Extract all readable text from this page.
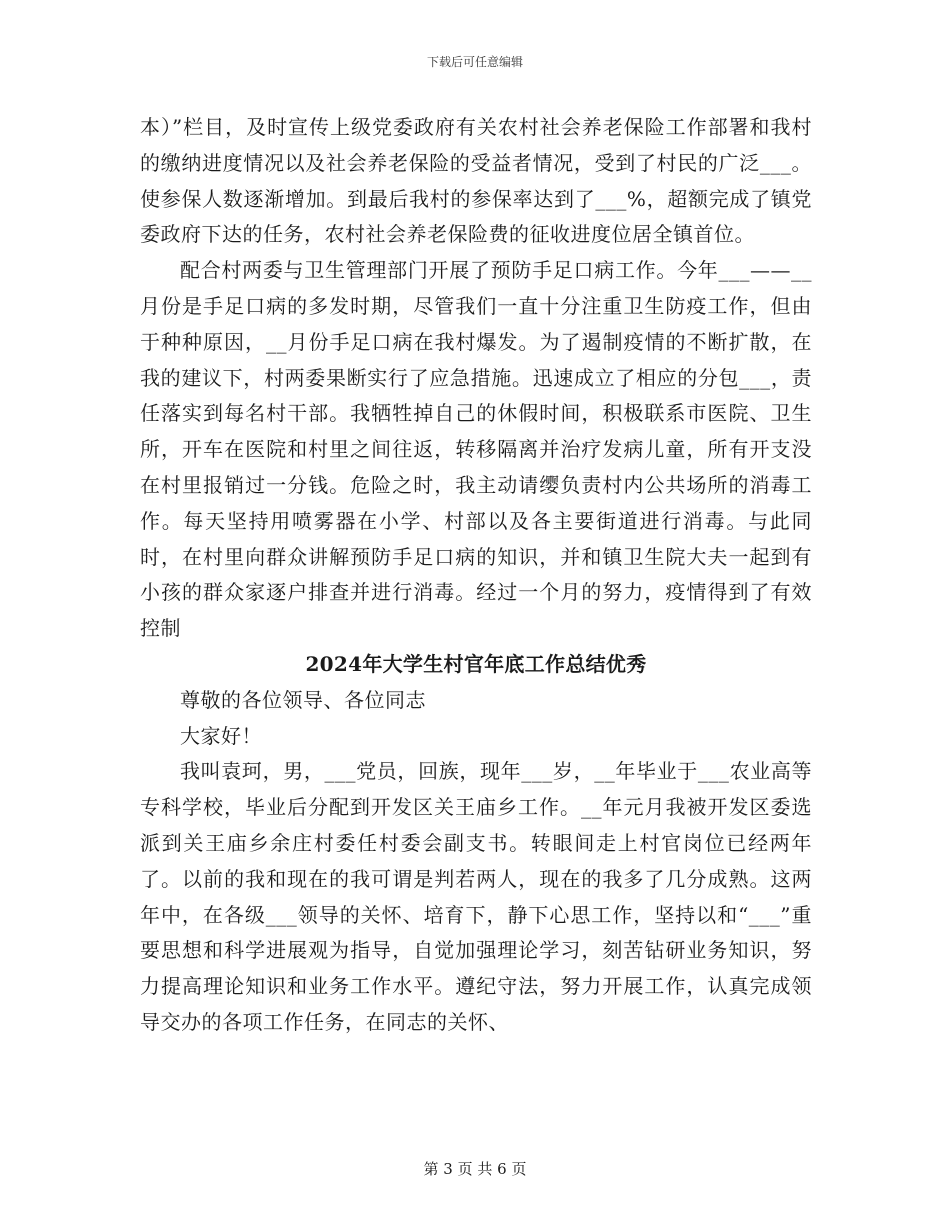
下载后可任意编辑

本）”栏目，及时宣传上级党委政府有关农村社会养老保险工作部署和我村的缴纳进度情况以及社会养老保险的受益者情况，受到了村民的广泛___。使参保人数逐渐增加。到最后我村的参保率达到了___%，超额完成了镇党委政府下达的任务，农村社会养老保险费的征收进度位居全镇首位。

配合村两委与卫生管理部门开展了预防手足口病工作。今年___——__月份是手足口病的多发时期，尽管我们一直十分注重卫生防疫工作，但由于种种原因，__月份手足口病在我村爆发。为了遏制疫情的不断扩散，在我的建议下，村两委果断实行了应急措施。迅速成立了相应的分包___，责任落实到每名村干部。我牺牲掉自己的休假时间，积极联系市医院、卫生所，开车在医院和村里之间往返，转移隔离并治疗发病儿童，所有开支没在村里报销过一分钱。危险之时，我主动请缨负责村内公共场所的消毒工作。每天坚持用喷雾器在小学、村部以及各主要街道进行消毒。与此同时，在村里向群众讲解预防手足口病的知识，并和镇卫生院大夫一起到有小孩的群众家逐户排查并进行消毒。经过一个月的努力，疫情得到了有效控制

2024年大学生村官年底工作总结优秀

尊敬的各位领导、各位同志

大家好！

我叫袁珂，男，___党员，回族，现年___岁，__年毕业于___农业高等专科学校，毕业后分配到开发区关王庙乡工作。__年元月我被开发区委选派到关王庙乡余庄村委任村委会副支书。转眼间走上村官岗位已经两年了。以前的我和现在的我可谓是判若两人，现在的我多了几分成熟。这两年中，在各级___领导的关怀、培育下，静下心思工作，坚持以和“___”重要思想和科学进展观为指导，自觉加强理论学习，刻苦钻研业务知识，努力提高理论知识和业务工作水平。遵纪守法，努力开展工作，认真完成领导交办的各项工作任务，在同志的关怀、

第 3 页 共 6 页
